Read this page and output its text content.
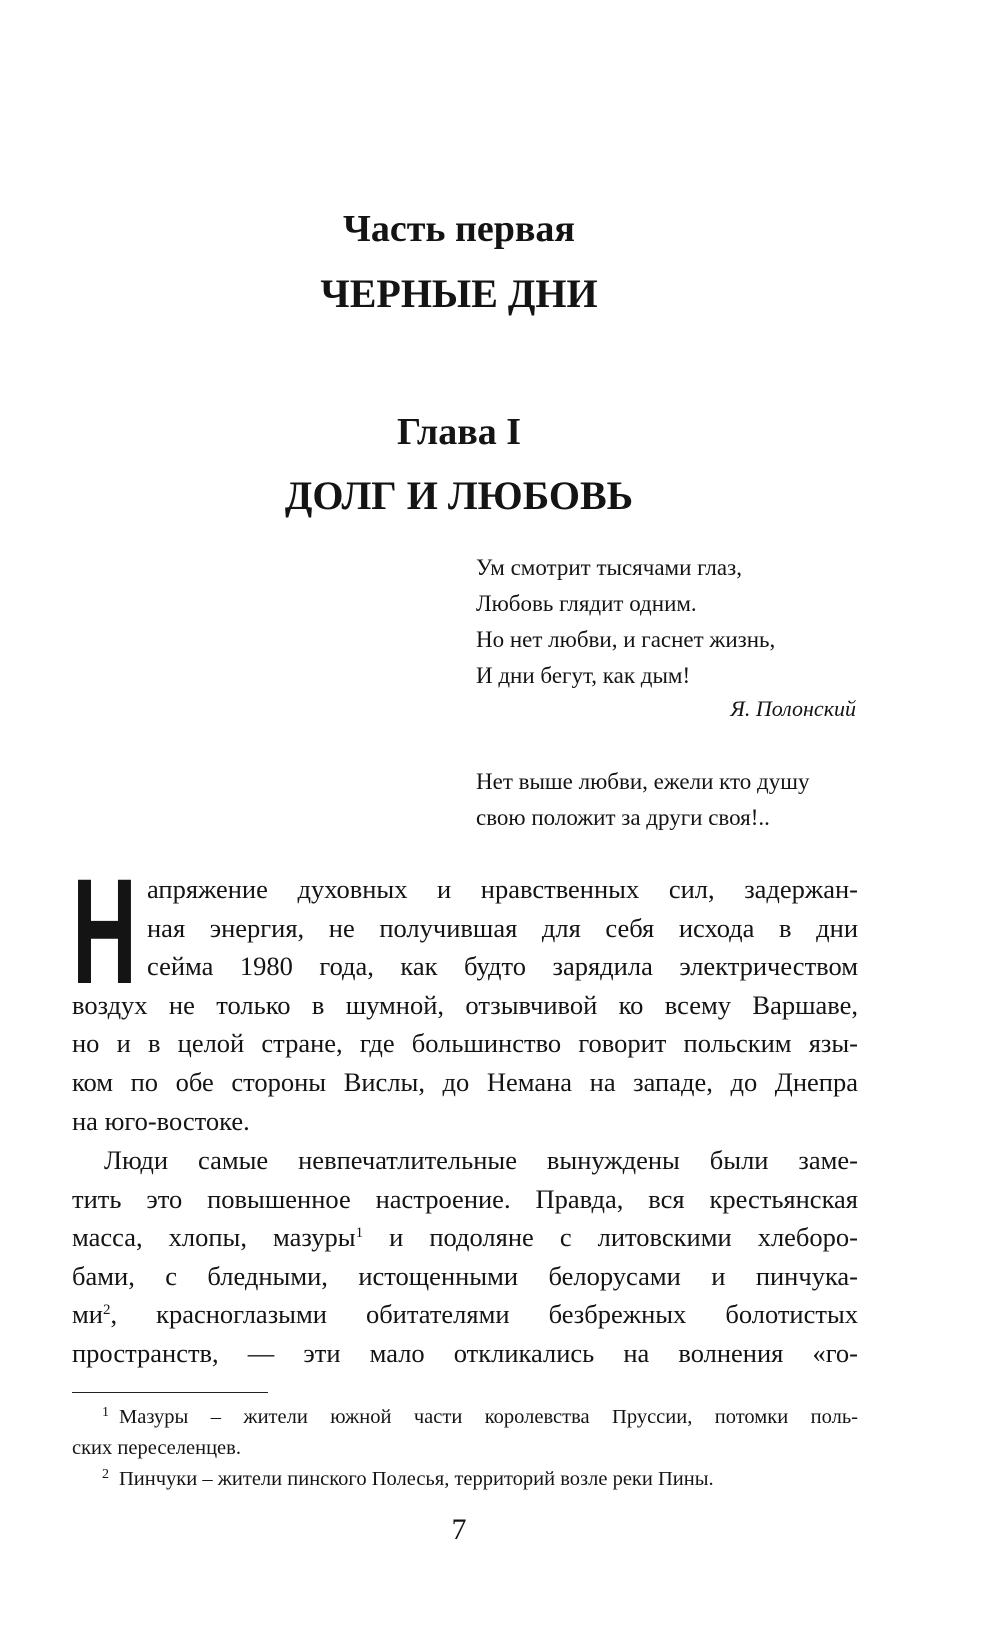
Часть первая
ЧЕРНЫЕ ДНИ
Глава I
ДОЛГ И ЛЮБОВЬ
Ум смотрит тысячами глаз,
Любовь глядит одним.
Но нет любви, и гаснет жизнь,
И дни бегут, как дым!
Я. Полонский
Нет выше любви, ежели кто душу
свою положит за други своя!..
Н апряжение духовных и нравственных сил, задержан-
ная энергия, не получившая для себя исхода в дни
сейма 1980 года, как будто зарядила электричеством
воздух не только в шумной, отзывчивой ко всему Варшаве,
но и в целой стране, где большинство говорит польским язы-
ком по обе стороны Вислы, до Немана на западе, до Днепра
на юго-востоке.
Люди самые невпечатлительные вынуждены были заме-
тить это повышенное настроение. Правда, вся крестьянская
масса, хлопы, мазуры$^1$ и подоляне с литовскими хлеборо-
бами, с бледными, истощенными белорусами и пинчука-
$ми^2$, красноглазыми обитателями безбрежных болотистых
пространств, — эти мало откликались на волнения «го-
$^1$ Мазуры – жители южной части королевства Пруссии, потомки поль-
ских переселенцев.
$^2$ Пинчуки – жители пинского Полесья, территорий возле реки Пины.
7
